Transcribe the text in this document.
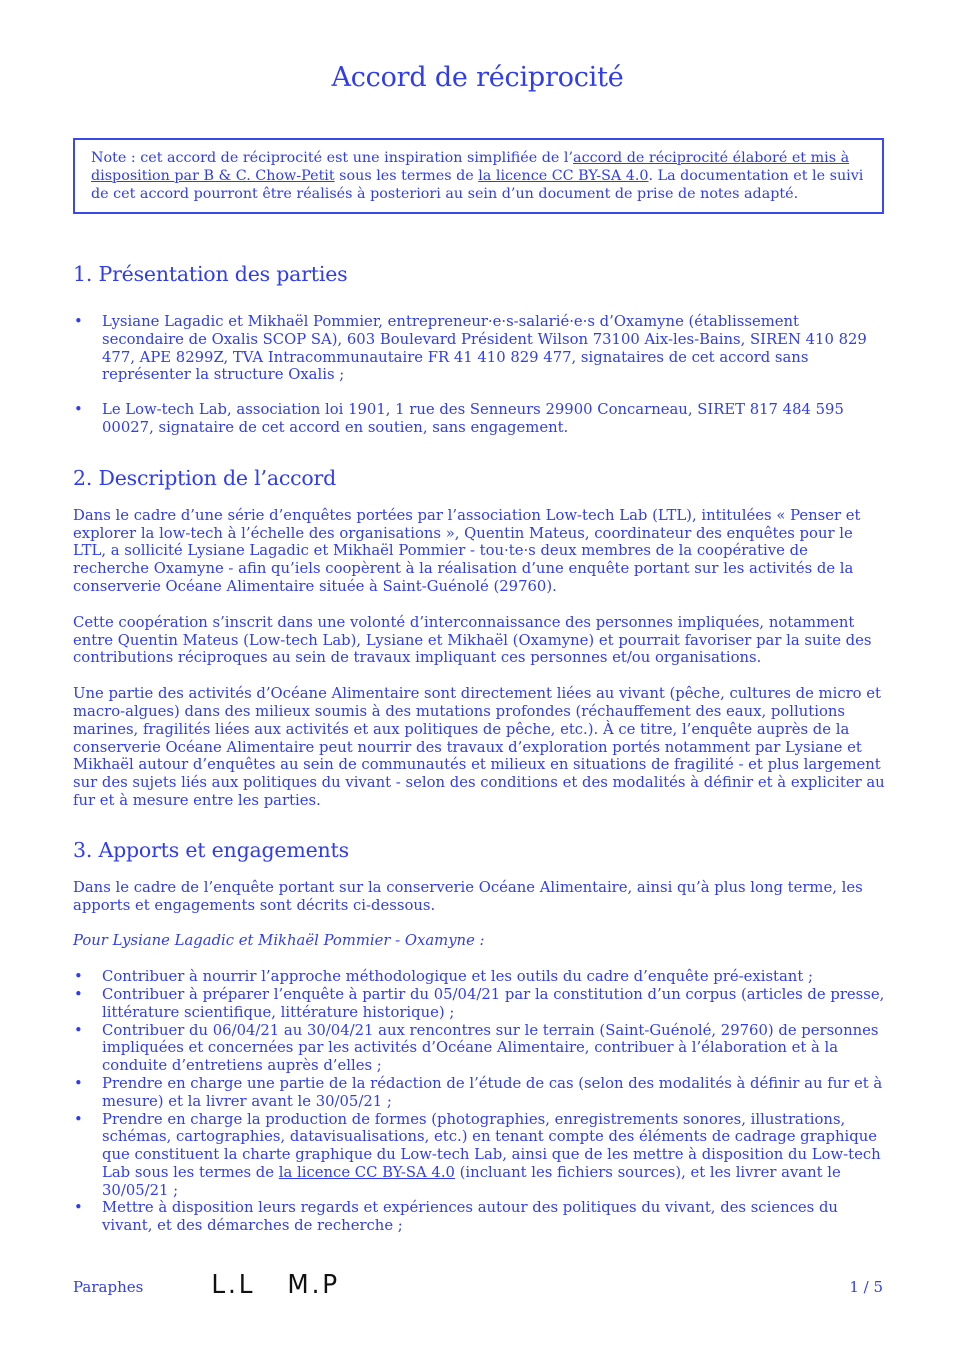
Accord de réciprocité
Note : cet accord de réciprocité est une inspiration simplifiée de l’accord de réciprocité élaboré et mis à disposition par B & C. Chow-Petit sous les termes de la licence CC BY-SA 4.0. La documentation et le suivi de cet accord pourront être réalisés à posteriori au sein d’un document de prise de notes adapté.
1. Présentation des parties
• Lysiane Lagadic et Mikhaël Pommier, entrepreneur·e·s-salarié·e·s d’Oxamyne (établissement secondaire de Oxalis SCOP SA), 603 Boulevard Président Wilson 73100 Aix-les-Bains, SIREN 410 829 477, APE 8299Z, TVA Intracommunautaire FR 41 410 829 477, signataires de cet accord sans représenter la structure Oxalis ;
• Le Low-tech Lab, association loi 1901, 1 rue des Senneurs 29900 Concarneau, SIRET 817 484 595 00027, signataire de cet accord en soutien, sans engagement.
2. Description de l’accord

Dans le cadre d’une série d’enquêtes portées par l’association Low-tech Lab (LTL), intitulées « Penser et explorer la low-tech à l’échelle des organisations », Quentin Mateus, coordinateur des enquêtes pour le LTL, a sollicité Lysiane Lagadic et Mikhaël Pommier - tou·te·s deux membres de la coopérative de recherche Oxamyne - afin qu’iels coopèrent à la réalisation d’une enquête portant sur les activités de la conserverie Océane Alimentaire située à Saint-Guénolé (29760).

Cette coopération s’inscrit dans une volonté d’interconnaissance des personnes impliquées, notamment entre Quentin Mateus (Low-tech Lab), Lysiane et Mikhaël (Oxamyne) et pourrait favoriser par la suite des contributions réciproques au sein de travaux impliquant ces personnes et/ou organisations.

Une partie des activités d’Océane Alimentaire sont directement liées au vivant (pêche, cultures de micro et macro-algues) dans des milieux soumis à des mutations profondes (réchauffement des eaux, pollutions marines, fragilités liées aux activités et aux politiques de pêche, etc.). À ce titre, l’enquête auprès de la conserverie Océane Alimentaire peut nourrir des travaux d’exploration portés notamment par Lysiane et Mikhaël autour d’enquêtes au sein de communautés et milieux en situations de fragilité - et plus largement sur des sujets liés aux politiques du vivant - selon des conditions et des modalités à définir et à expliciter au fur et à mesure entre les parties.

3. Apports et engagements

Dans le cadre de l’enquête portant sur la conserverie Océane Alimentaire, ainsi qu’à plus long terme, les apports et engagements sont décrits ci-dessous.

Pour Lysiane Lagadic et Mikhaël Pommier - Oxamyne :

• Contribuer à nourrir l’approche méthodologique et les outils du cadre d’enquête pré-existant ;
• Contribuer à préparer l’enquête à partir du 05/04/21 par la constitution d’un corpus (articles de presse, littérature scientifique, littérature historique) ;
• Contribuer du 06/04/21 au 30/04/21 aux rencontres sur le terrain (Saint-Guénolé, 29760) de personnes impliquées et concernées par les activités d’Océane Alimentaire, contribuer à l’élaboration et à la conduite d’entretiens auprès d’elles ;
• Prendre en charge une partie de la rédaction de l’étude de cas (selon des modalités à définir au fur et à mesure) et la livrer avant le 30/05/21 ;
• Prendre en charge la production de formes (photographies, enregistrements sonores, illustrations, schémas, cartographies, datavisualisations, etc.) en tenant compte des éléments de cadrage graphique que constituent la charte graphique du Low-tech Lab, ainsi que de les mettre à disposition du Low-tech Lab sous les termes de la licence CC BY-SA 4.0 (incluant les fichiers sources), et les livrer avant le 30/05/21 ;
• Mettre à disposition leurs regards et expériences autour des politiques du vivant, des sciences du vivant, et des démarches de recherche ;
Paraphes	L.L   M.P	1 / 5
